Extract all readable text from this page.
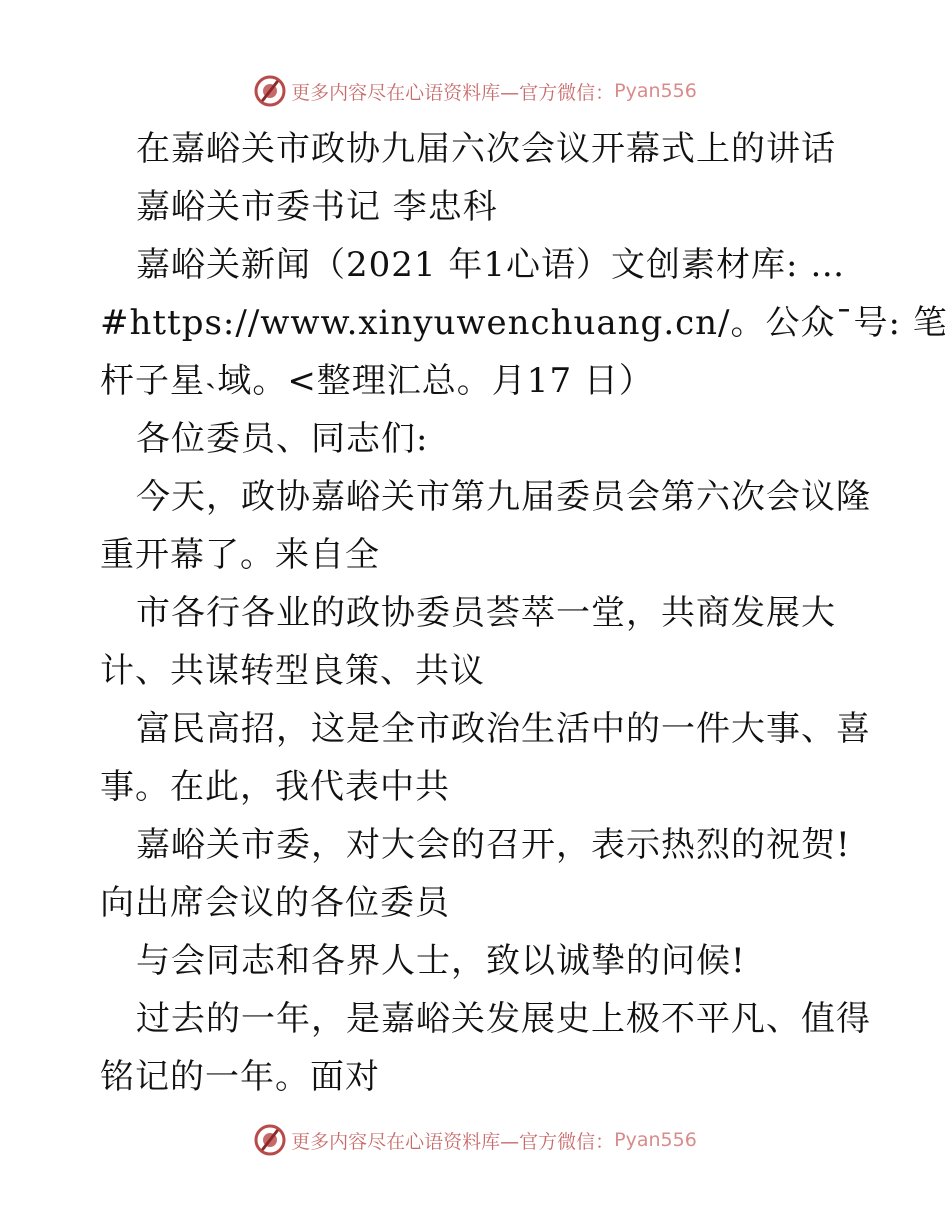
更多内容尽在心语资料库—官方微信： Pyan556
在嘉峪关市政协九届六次会议开幕式上的讲话
嘉峪关市委书记 李忠科
嘉峪关新闻（2021 年1心语）文创素材库: …
#https://www.xinyuwenchuang.cn/。公众¯号: 笔
杆子星˴域。<整理汇总。月17 日）
各位委员、同志们:
今天，政协嘉峪关市第九届委员会第六次会议隆
重开幕了。来自全
市各行各业的政协委员荟萃一堂，共商发展大
计、共谋转型良策、共议
富民高招，这是全市政治生活中的一件大事、喜
事。在此，我代表中共
嘉峪关市委，对大会的召开，表示热烈的祝贺!
向出席会议的各位委员
与会同志和各界人士，致以诚挚的问候!
过去的一年，是嘉峪关发展史上极不平凡、值得
铭记的一年。面对
更多内容尽在心语资料库—官方微信： Pyan556
